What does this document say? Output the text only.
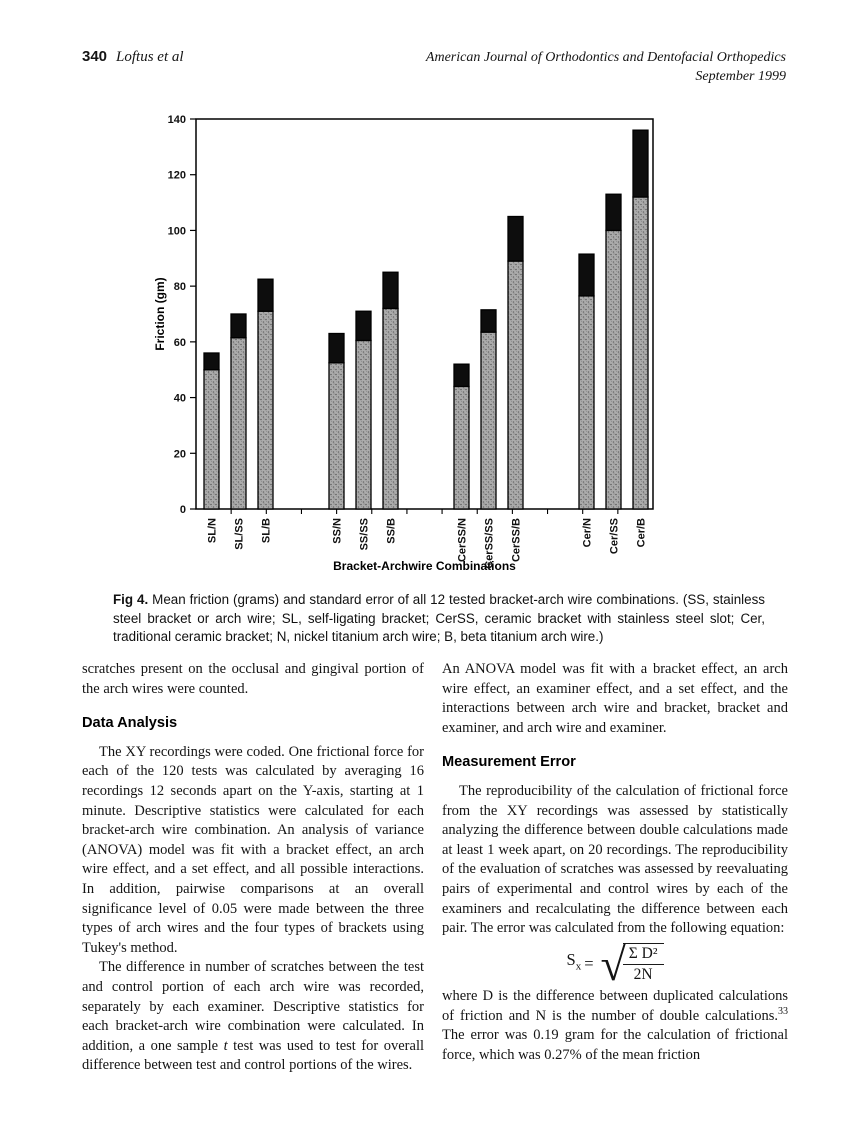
340 Loftus et al	American Journal of Orthodontics and Dentofacial Orthopedics
September 1999
0
20
40
60
80
100
120
140
Friction (gm)
Bracket-Archwire Combinations
SL/N SL/SS SL/B	SS/N SS/SS SS/B	CerSS/N CerSS/SS CerSS/B	Cer/N Cer/SS Cer/B
Fig 4. Mean friction (grams) and standard error of all 12 tested bracket-arch wire combinations. (SS, stainless steel bracket or arch wire; SL, self-ligating bracket; CerSS, ceramic bracket with stainless steel slot; Cer, traditional ceramic bracket; N, nickel titanium arch wire; B, beta titanium arch wire.)

scratches present on the occlusal and gingival portion of the arch wires were counted.

Data Analysis

The XY recordings were coded. One frictional force for each of the 120 tests was calculated by averaging 16 recordings 12 seconds apart on the Y-axis, starting at 1 minute. Descriptive statistics were calculated for each bracket-arch wire combination. An analysis of variance (ANOVA) model was fit with a bracket effect, an arch wire effect, and a set effect, and all possible interactions. In addition, pairwise comparisons at an overall significance level of 0.05 were made between the three types of arch wires and the four types of brackets using Tukey's method.

The difference in number of scratches between the test and control portion of each arch wire was recorded, separately by each examiner. Descriptive statistics for each bracket-arch wire combination were calculated. In addition, a one sample t test was used to test for overall difference between test and control portions of the wires.

An ANOVA model was fit with a bracket effect, an arch wire effect, an examiner effect, and a set effect, and the interactions between arch wire and bracket, bracket and examiner, and arch wire and examiner.

Measurement Error

The reproducibility of the calculation of frictional force from the XY recordings was assessed by statistically analyzing the difference between double calculations made at least 1 week apart, on 20 recordings. The reproducibility of the evaluation of scratches was assessed by reevaluating pairs of experimental and control wires by each of the examiners and recalculating the difference between each pair. The error was calculated from the following equation:

$S_x$ = √
$\frac{\text{Σ D²}}{2N}$

where D is the difference between duplicated calculations of friction and N is the number of double calculations.$^{33}$ The error was 0.19 gram for the calculation of frictional force, which was 0.27% of the mean friction
